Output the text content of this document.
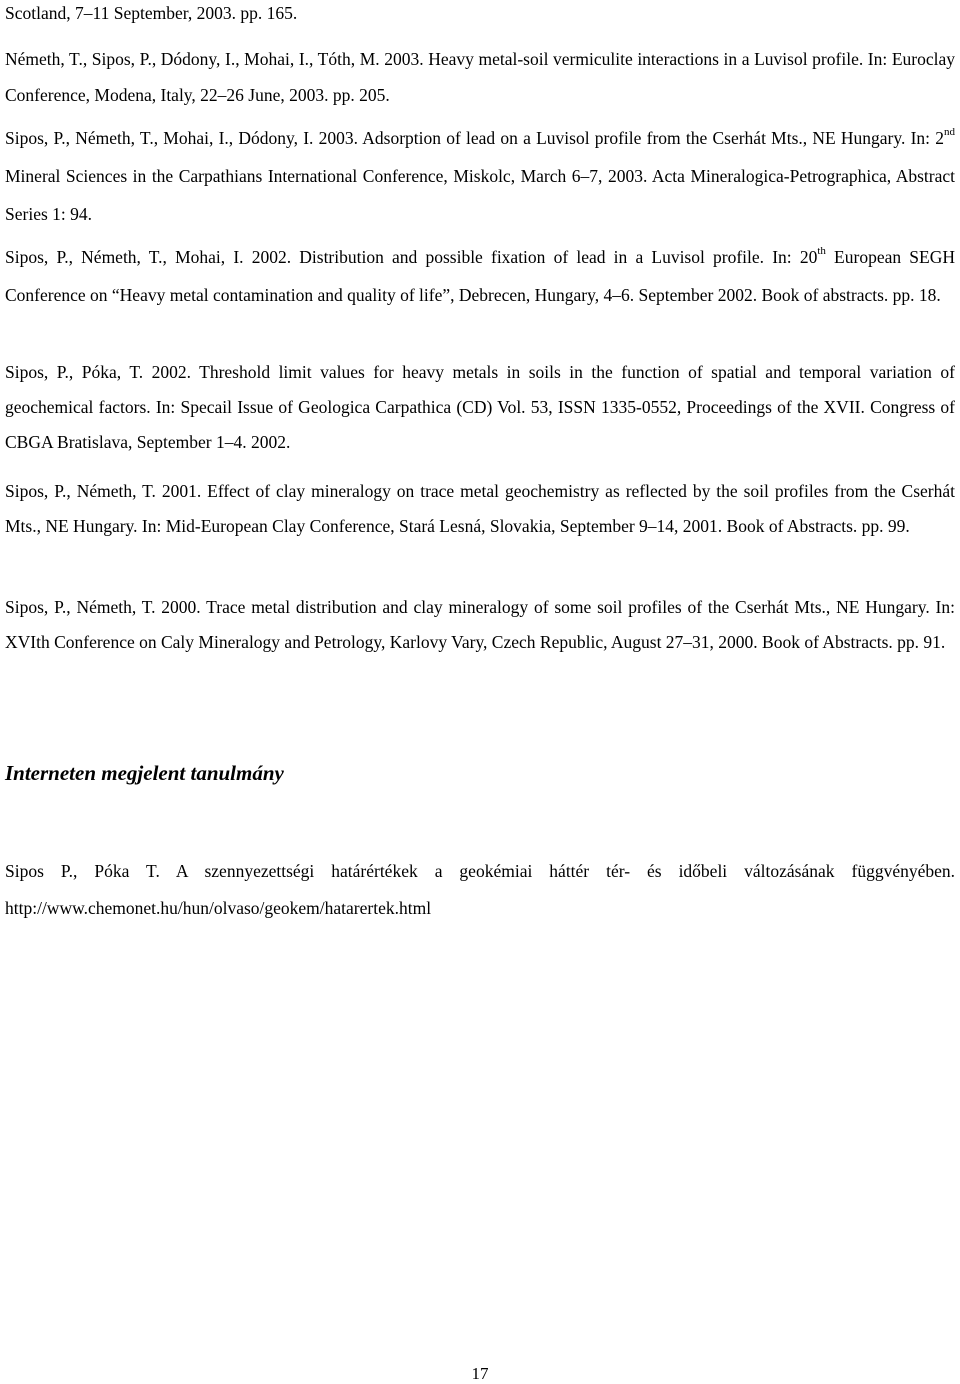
Scotland, 7–11 September, 2003. pp. 165.

Németh, T., Sipos, P., Dódony, I., Mohai, I., Tóth, M. 2003. Heavy metal-soil vermiculite interactions in a Luvisol profile. In: Euroclay Conference, Modena, Italy, 22–26 June, 2003. pp. 205.

Sipos, P., Németh, T., Mohai, I., Dódony, I. 2003. Adsorption of lead on a Luvisol profile from the Cserhát Mts., NE Hungary. In: 2nd Mineral Sciences in the Carpathians International Conference, Miskolc, March 6–7, 2003. Acta Mineralogica-Petrographica, Abstract Series 1: 94.

Sipos, P., Németh, T., Mohai, I. 2002. Distribution and possible fixation of lead in a Luvisol profile. In: 20th European SEGH Conference on “Heavy metal contamination and quality of life”, Debrecen, Hungary, 4–6. September 2002. Book of abstracts. pp. 18.

Sipos, P., Póka, T. 2002. Threshold limit values for heavy metals in soils in the function of spatial and temporal variation of geochemical factors. In: Specail Issue of Geologica Carpathica (CD) Vol. 53, ISSN 1335-0552, Proceedings of the XVII. Congress of CBGA Bratislava, September 1–4. 2002.

Sipos, P., Németh, T. 2001. Effect of clay mineralogy on trace metal geochemistry as reflected by the soil profiles from the Cserhát Mts., NE Hungary. In: Mid-European Clay Conference, Stará Lesná, Slovakia, September 9–14, 2001. Book of Abstracts. pp. 99.

Sipos, P., Németh, T. 2000. Trace metal distribution and clay mineralogy of some soil profiles of the Cserhát Mts., NE Hungary. In: XVIth Conference on Caly Mineralogy and Petrology, Karlovy Vary, Czech Republic, August 27–31, 2000. Book of Abstracts. pp. 91.

Interneten megjelent tanulmány

Sipos P., Póka T. A szennyezettségi határértékek a geokémiai háttér tér- és időbeli változásának függvényében. http://www.chemonet.hu/hun/olvaso/geokem/hatarertek.html

17
